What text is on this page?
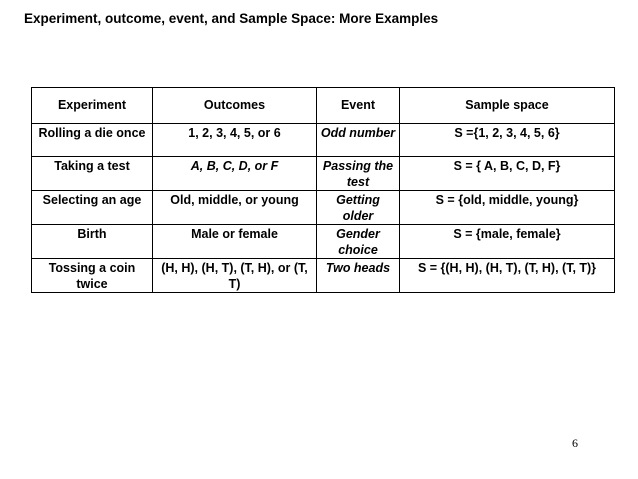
Experiment, outcome, event, and Sample Space: More Examples
Experiment	Outcomes	Event	Sample space
Rolling a die once	1, 2, 3, 4, 5, or 6	Odd number	S ={1, 2, 3, 4, 5, 6}
Taking a test	A, B, C, D, or F	Passing the test	S = { A, B, C, D, F}
Selecting an age	Old, middle, or young	Getting older	S = {old, middle, young}
Birth	Male or female	Gender choice	S = {male, female}
Tossing a coin twice	(H, H), (H, T), (T, H), or (T, T)	Two heads	S = {(H, H), (H, T), (T, H), (T, T)}
6
